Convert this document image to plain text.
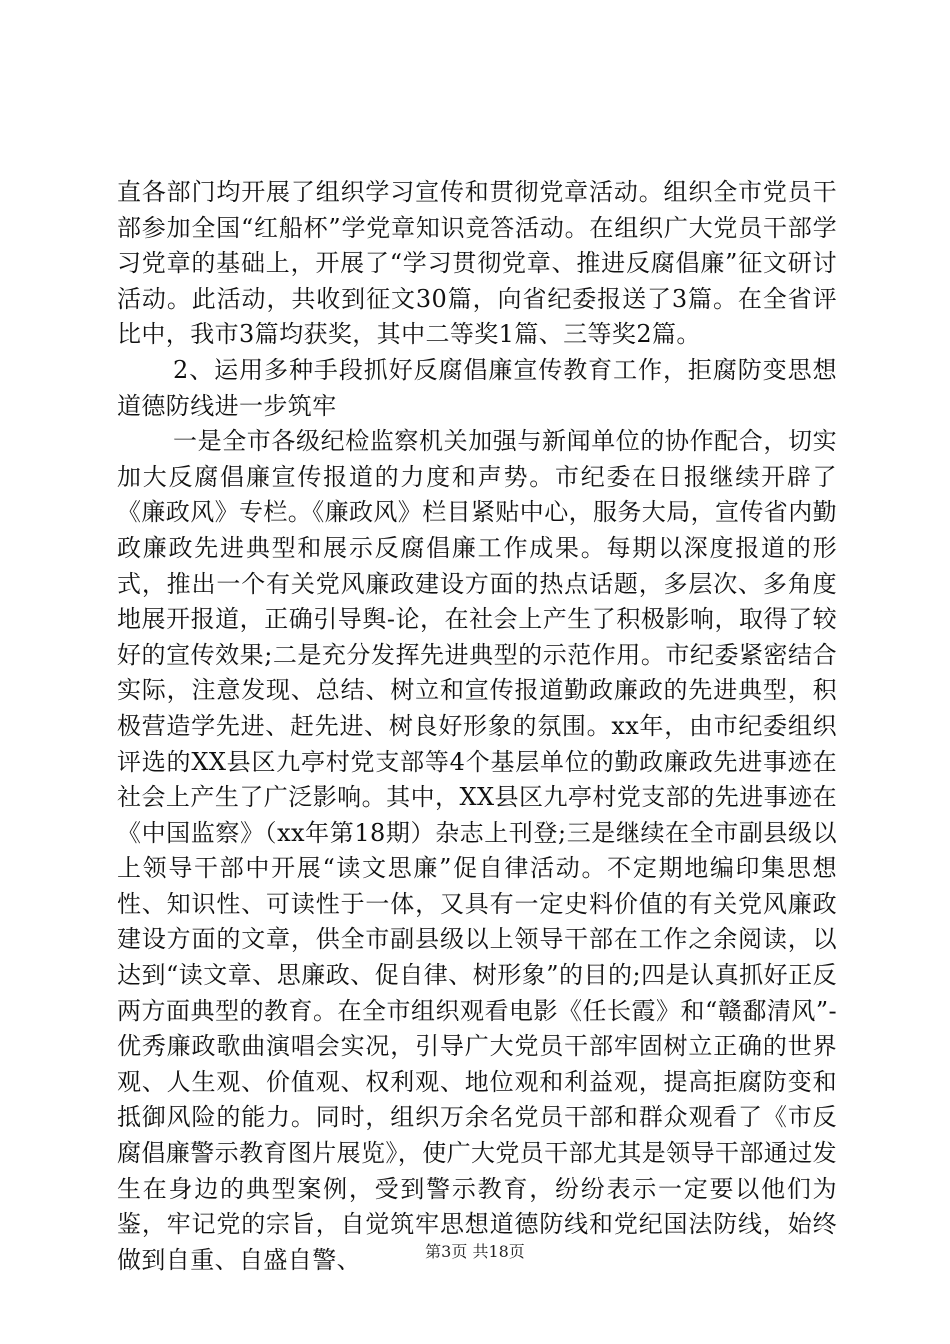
直各部门均开展了组织学习宣传和贯彻党章活动。组织全市党员干部参加全国“红船杯”学党章知识竞答活动。在组织广大党员干部学习党章的基础上，开展了“学习贯彻党章、推进反腐倡廉”征文研讨活动。此活动，共收到征文30篇，向省纪委报送了3篇。在全省评比中，我市3篇均获奖，其中二等奖1篇、三等奖2篇。

2、运用多种手段抓好反腐倡廉宣传教育工作，拒腐防变思想道德防线进一步筑牢

一是全市各级纪检监察机关加强与新闻单位的协作配合，切实加大反腐倡廉宣传报道的力度和声势。市纪委在日报继续开辟了《廉政风》专栏。《廉政风》栏目紧贴中心，服务大局，宣传省内勤政廉政先进典型和展示反腐倡廉工作成果。每期以深度报道的形式，推出一个有关党风廉政建设方面的热点话题，多层次、多角度地展开报道，正确引导舆-论，在社会上产生了积极影响，取得了较好的宣传效果;二是充分发挥先进典型的示范作用。市纪委紧密结合实际，注意发现、总结、树立和宣传报道勤政廉政的先进典型，积极营造学先进、赶先进、树良好形象的氛围。xx年，由市纪委组织评选的XX县区九亭村党支部等4个基层单位的勤政廉政先进事迹在社会上产生了广泛影响。其中，XX县区九亭村党支部的先进事迹在《中国监察》（xx年第18期）杂志上刊登;三是继续在全市副县级以上领导干部中开展“读文思廉”促自律活动。不定期地编印集思想性、知识性、可读性于一体，又具有一定史料价值的有关党风廉政建设方面的文章，供全市副县级以上领导干部在工作之余阅读，以达到“读文章、思廉政、促自律、树形象”的目的;四是认真抓好正反两方面典型的教育。在全市组织观看电影《任长霞》和“赣鄱清风”-优秀廉政歌曲演唱会实况，引导广大党员干部牢固树立正确的世界观、人生观、价值观、权利观、地位观和利益观，提高拒腐防变和抵御风险的能力。同时，组织万余名党员干部和群众观看了《市反腐倡廉警示教育图片展览》，使广大党员干部尤其是领导干部通过发生在身边的典型案例，受到警示教育，纷纷表示一定要以他们为鉴，牢记党的宗旨，自觉筑牢思想道德防线和党纪国法防线，始终做到自重、自盛自警、	第3页 共18页
